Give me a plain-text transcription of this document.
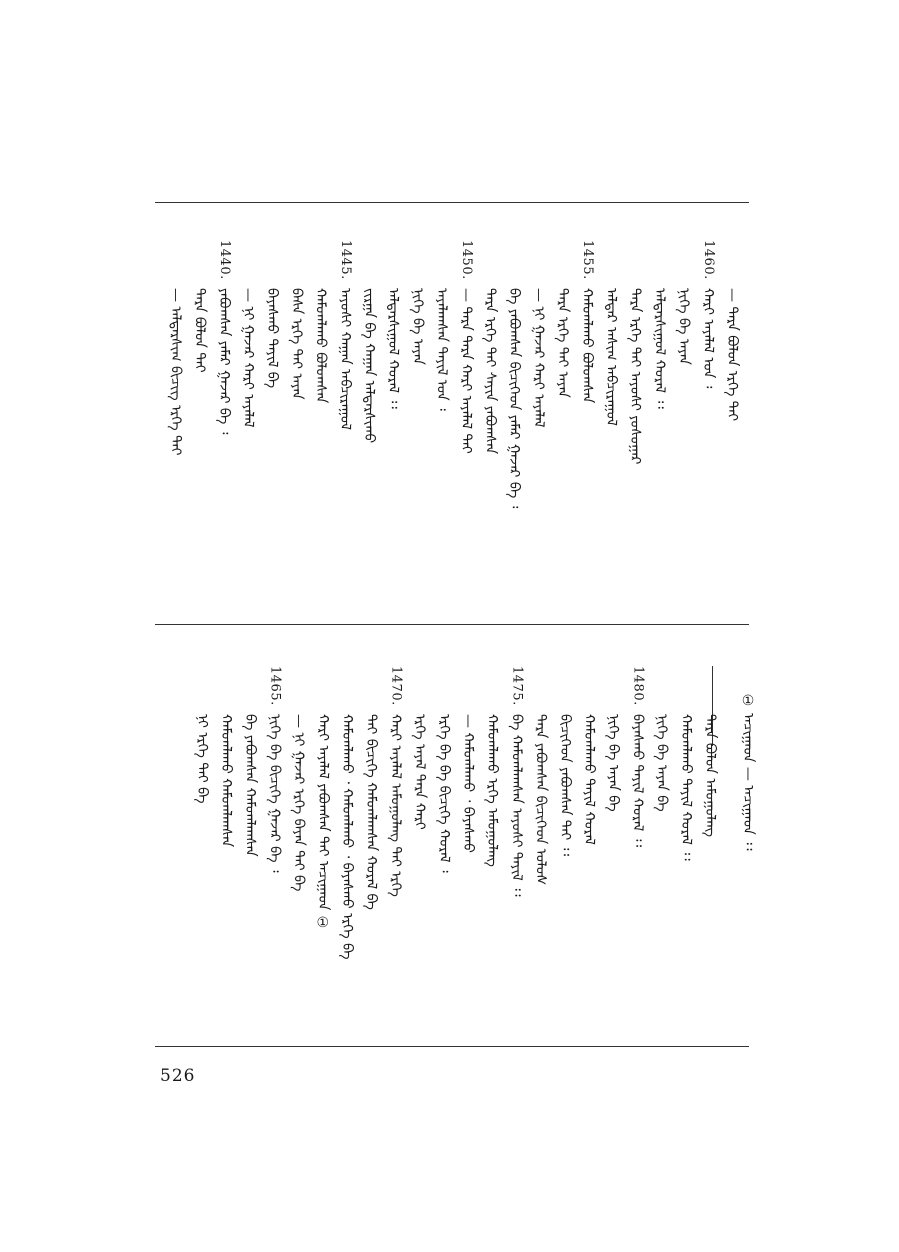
— ᠲᠡᠷᠡ ᠪᠣᠯᠤᠨ ᠡᠷᠬᠡ ᠲᠠᠢ
1460.
ᠬᠠᠷᠢ ᠠᠶᠠᠯᠠᠯ ᠤᠨ ᠄
ᠨᠢᠭᠡ ᠪᠡ ᠠᠶᠠᠨ
ᠠᠯᠳᠠᠷᠰᠢᠭᠤᠯ ᠬᠤᠷᠠᠯ ᠄᠄
ᠲᠡᠷᠡ ᠡᠷᠬᠡ ᠲᠠᠢ ᠠᠶᠤᠰᠢ ᠶᠣᠰᠣᠭᠠᠷ
ᠠᠯᠳᠠᠷ ᠠᠰᠢᠭ ᠠᠪᠴᠢᠷᠠᠭᠤᠯ
1455.
ᠬᠠᠮᠤᠭᠯᠠᠬᠤ ᠪᠣᠯᠤᠭᠰᠠᠨ
ᠲᠡᠷᠡ ᠡᠷᠬᠡ ᠲᠠᠢ ᠠᠶᠠᠨ
— ᠨᠢ ᠭᠠᠵᠠᠷ ᠬᠠᠷᠢ ᠠᠶᠠᠯᠠᠯ
ᠪᠠ ᠶᠠᠪᠤᠭᠰᠠᠨ ᠪᠢᠴᠢᠭᠡᠳ ᠶᠠᠮᠠᠷ ᠭᠠᠵᠠᠷ ᠪᠠ ᠄
ᠲᠡᠷᠡ ᠡᠷᠬᠡ ᠲᠠᠢ ᠰᠠᠶᠢᠨ ᠶᠠᠪᠤᠭᠰᠠᠨ
1450.
— ᠲᠡᠷᠡ ᠲᠡᠷᠡ ᠬᠠᠷᠢ ᠠᠶᠠᠯᠠᠯ ᠲᠠᠢ
ᠠᠶᠠᠯᠠᠭᠰᠠᠨ ᠲᠠᠶᠢᠯ ᠤᠨ ᠄
ᠨᠢᠭᠡ ᠪᠡ ᠠᠶᠠᠨ
ᠠᠯᠳᠠᠷᠰᠢᠭᠤᠯ ᠬᠤᠷᠠᠯ ᠄᠄
ᠵᠢᠷᠭᠠ ᠪᠠ ᠬᠠᠭᠠᠨ ᠠᠯᠳᠠᠷᠰᠢᠬᠤ
1445.
ᠠᠶᠤᠰᠢ ᠬᠠᠭᠠᠨ ᠠᠪᠴᠢᠷᠠᠭᠤᠯ
ᠬᠠᠮᠤᠭᠯᠠᠬᠤ ᠪᠣᠯᠤᠭᠰᠠᠨ
ᠪᠠᠰᠠ ᠡᠷᠬᠡ ᠲᠠᠢ ᠠᠶᠠᠨ
ᠪᠠᠶᠠᠰᠬᠤ ᠲᠠᠶᠢᠯ ᠪᠡ
— ᠨᠢ ᠭᠠᠵᠠᠷ ᠬᠠᠷᠢ ᠠᠶᠠᠯᠠᠯ
1440.
ᠶᠠᠪᠤᠭᠰᠠᠨ ᠶᠠᠮᠠᠷ ᠭᠠᠵᠠᠷ ᠪᠠ ᠄
ᠲᠡᠷᠡ ᠪᠣᠯᠤᠨ ᠲᠠᠢ
— ᠠᠯᠳᠠᠷᠰᠢᠭ ᠪᠢᠴᠢᠭ ᠡᠷᠬᠡ ᠲᠠᠢ
① ᠠᠴᠢᠭᠠᠳ — ᠠᠴᠢᠭᠠᠳ ᠄᠄
ᠲᠡᠷᠡ ᠪᠣᠯᠤᠨ ᠠᠮᠤᠭᠤᠯᠠᠩ
ᠬᠠᠮᠤᠭᠯᠠᠬᠤ ᠲᠠᠶᠢᠯ ᠬᠤᠷᠠᠯ ᠄᠄
ᠨᠢᠭᠡ ᠪᠡ ᠠᠶᠠᠨ ᠪᠠ
1480.
ᠪᠠᠶᠠᠰᠬᠤ ᠲᠠᠶᠢᠯ ᠬᠤᠷᠠᠯ ᠄᠄
ᠨᠢᠭᠡ ᠪᠡ ᠠᠶᠠᠨ ᠪᠠ
ᠬᠠᠮᠤᠭᠯᠠᠬᠤ ᠲᠠᠶᠢᠯ ᠬᠤᠷᠠᠯ
ᠪᠢᠴᠢᠭᠡᠳ ᠶᠠᠪᠤᠭᠰᠠᠨ ᠲᠠᠢ ᠄᠄
ᠲᠡᠷᠡ ᠶᠠᠪᠤᠭᠰᠠᠨ ᠪᠢᠴᠢᠭᠡᠳ ᠤᠯᠤᠰ
1475.
ᠪᠠ ᠬᠠᠮᠤᠭᠯᠠᠭᠰᠠᠨ ᠠᠶᠤᠰᠢ ᠲᠠᠶᠢᠯ ᠄᠄
ᠬᠠᠮᠤᠭᠯᠠᠬᠤ ᠡᠷᠬᠡ ᠠᠮᠤᠭᠤᠯᠠᠩ
— ᠬᠠᠮᠤᠭᠯᠠᠬᠤ ᠂ ᠪᠠᠶᠠᠰᠬᠤ
ᠡᠷᠬᠡ ᠪᠡ ᠪᠠ ᠪᠢᠴᠢᠭᠡ ᠬᠤᠷᠠᠯ ᠄
ᠡᠷᠬᠡ ᠠᠶᠠᠯ ᠲᠡᠷᠡ ᠬᠠᠷᠢ
1470.
ᠬᠠᠷᠢ ᠠᠶᠠᠯᠠᠯ ᠠᠮᠤᠭᠤᠯᠠᠩ ᠲᠠᠢ ᠡᠷᠬᠡ
ᠲᠠᠢ ᠪᠢᠴᠢᠭᠡ ᠬᠠᠮᠤᠭᠯᠠᠭᠰᠠᠨ ᠬᠤᠷᠠᠯ ᠪᠠ
ᠬᠠᠮᠤᠭᠯᠠᠬᠤ ᠂ ᠬᠠᠮᠤᠭᠯᠠᠬᠤ ᠂ ᠪᠠᠶᠠᠰᠬᠤ ᠡᠷᠬᠡ ᠪᠡ
ᠬᠠᠷᠢ ᠠᠶᠠᠯᠠᠯ ᠶᠠᠪᠤᠭᠰᠠᠨ ᠲᠠᠢ ᠠᠴᠢᠭᠠᠳ ①
— ᠨᠢ ᠭᠠᠵᠠᠷ ᠡᠷᠬᠡ ᠪᠠᠶᠠᠨ ᠲᠠᠢ ᠪᠠ
1465.
ᠨᠢᠭᠡ ᠪᠡ ᠪᠢᠴᠢᠭᠡ ᠭᠠᠵᠠᠷ ᠪᠠ ᠄
ᠪᠠ ᠶᠠᠪᠤᠭᠰᠠᠨ ᠬᠠᠮᠤᠭᠯᠠᠭᠰᠠᠨ
ᠬᠠᠮᠤᠭᠯᠠᠬᠤ ᠬᠠᠮᠤᠭᠯᠠᠭᠰᠠᠨ
ᠨᠢ ᠡᠷᠬᠡ ᠲᠠᠢ ᠪᠠ
526
